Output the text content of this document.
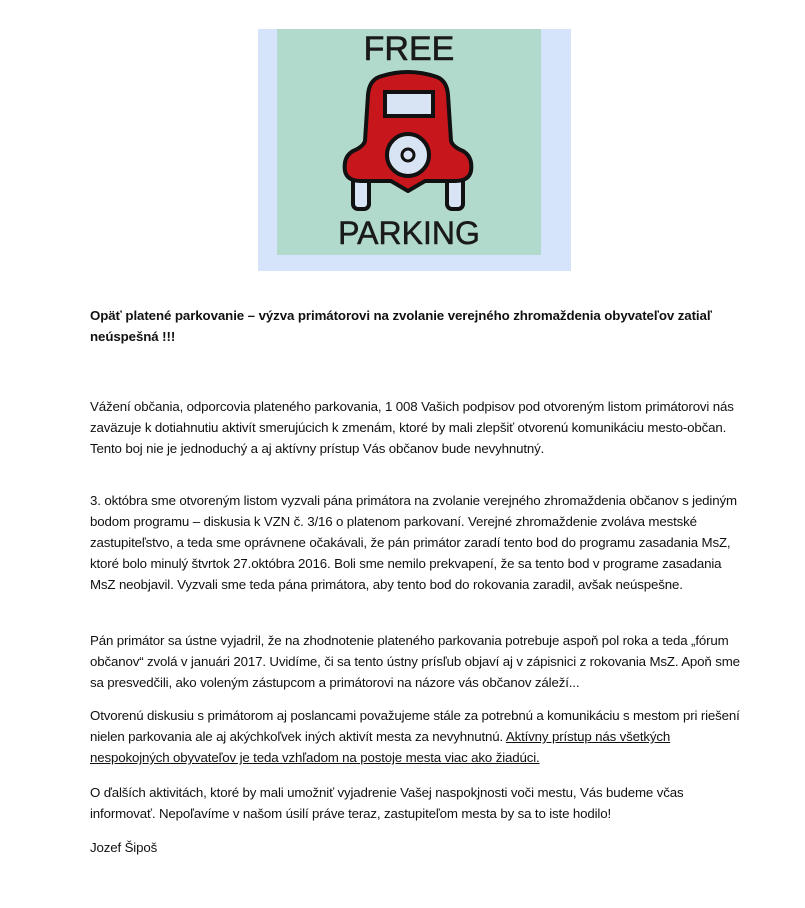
FREE
PARKING
Opäť platené parkovanie – výzva primátorovi na zvolanie verejného zhromaždenia obyvateľov zatiaľ neúspešná !!!

Vážení občania, odporcovia plateného parkovania, 1 008 Vašich podpisov pod otvoreným listom primátorovi nás zaväzuje k dotiahnutiu aktivít smerujúcich k zmenám, ktoré by mali zlepšiť otvorenú komunikáciu mesto-občan. Tento boj nie je jednoduchý a aj aktívny prístup Vás občanov bude nevyhnutný.

3. októbra sme otvoreným listom vyzvali pána primátora na zvolanie verejného zhromaždenia občanov s jediným bodom programu – diskusia k VZN č. 3/16 o platenom parkovaní. Verejné zhromaždenie zvoláva mestské zastupiteľstvo, a teda sme oprávnene očakávali, že pán primátor zaradí tento bod do programu zasadania MsZ, ktoré bolo minulý štvrtok 27.októbra 2016. Boli sme nemilo prekvapení, že sa tento bod v programe zasadania MsZ neobjavil. Vyzvali sme teda pána primátora, aby tento bod do rokovania zaradil, avšak neúspešne.

Pán primátor sa ústne vyjadril, že na zhodnotenie plateného parkovania potrebuje aspoň pol roka a teda „fórum občanov“ zvolá v januári 2017. Uvidíme, či sa tento ústny prísľub objaví aj v zápisnici z rokovania MsZ. Apoň sme sa presvedčili, ako voleným zástupcom a primátorovi na názore vás občanov záleží...

Otvorenú diskusiu s primátorom aj poslancami považujeme stále za potrebnú a komunikáciu s mestom pri riešení nielen parkovania ale aj akýchkoľvek iných aktivít mesta za nevyhnutnú. Aktívny prístup nás všetkých nespokojných obyvateľov je teda vzhľadom na postoje mesta viac ako žiadúci.

O ďalších aktivitách, ktoré by mali umožniť vyjadrenie Vašej naspokjnosti voči mestu, Vás budeme včas informovať. Nepoľavíme v našom úsilí práve teraz, zastupiteľom mesta by sa to iste hodilo!

Jozef Šipoš
